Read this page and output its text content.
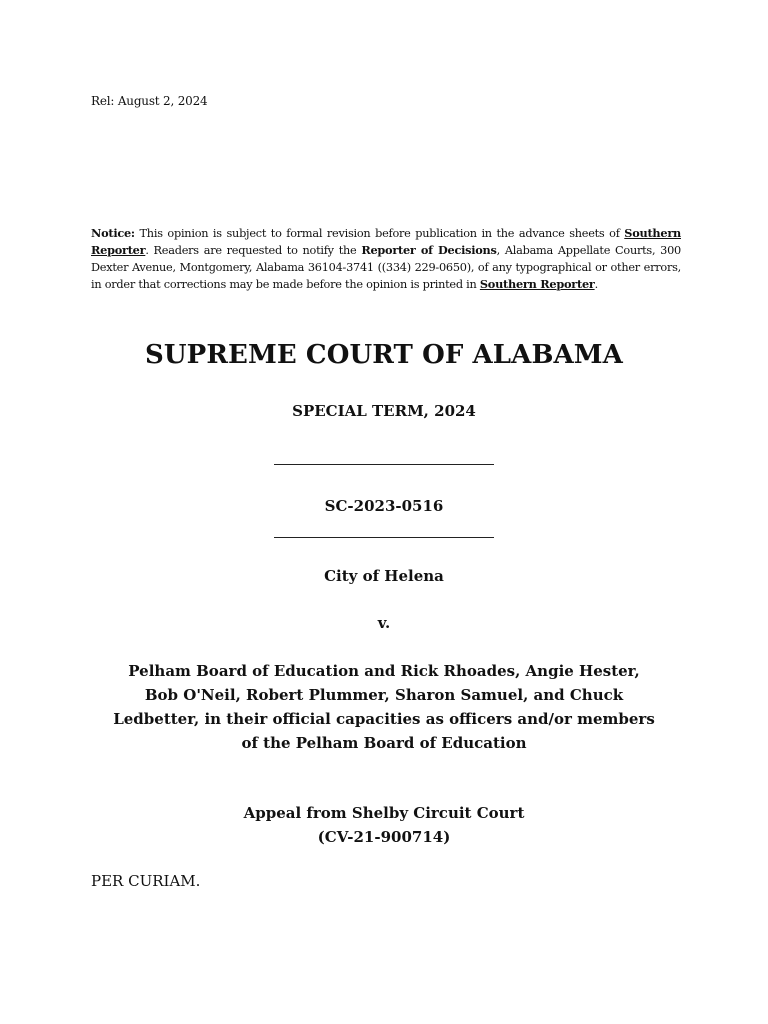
Rel: August 2, 2024
Notice: This opinion is subject to formal revision before publication in the advance sheets of Southern Reporter. Readers are requested to notify the Reporter of Decisions, Alabama Appellate Courts, 300 Dexter Avenue, Montgomery, Alabama 36104-3741 ((334) 229-0650), of any typographical or other errors, in order that corrections may be made before the opinion is printed in Southern Reporter.
SUPREME COURT OF ALABAMA
SPECIAL TERM, 2024
SC-2023-0516
City of Helena
v.
Pelham Board of Education and Rick Rhoades, Angie Hester,
Bob O'Neil, Robert Plummer, Sharon Samuel, and Chuck
Ledbetter, in their official capacities as officers and/or members
of the Pelham Board of Education
Appeal from Shelby Circuit Court
(CV-21-900714)
PER CURIAM.
